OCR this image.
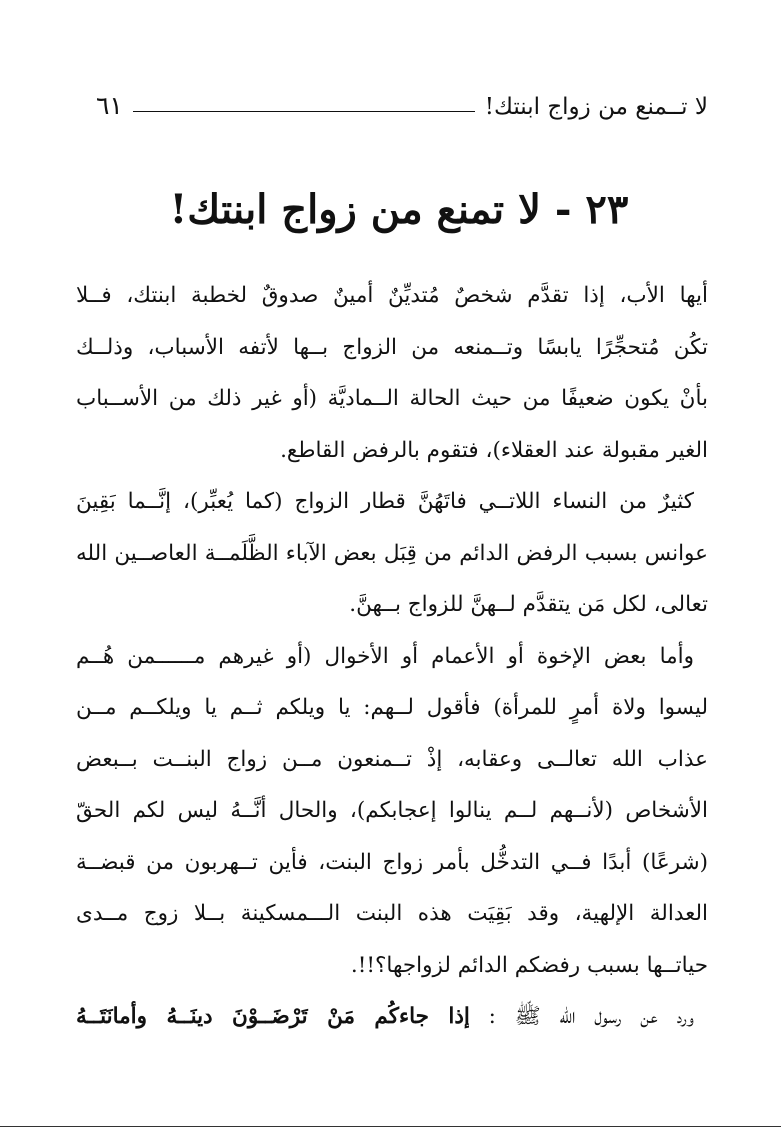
لا تــمنع من زواج ابنتك!
٦١
٢٣ - لا تمنع من زواج ابنتك!
أيها الأب، إذا تقدَّم شخصٌ مُتديِّنٌ أمينٌ صدوقٌ لخطبة ابنتك، فــلا
تكُن مُتحجِّرًا يابسًا وتــمنعه من الزواج بــها لأتفه الأسباب، وذلــك
بأنْ يكون ضعيفًا من حيث الحالة الــماديَّة (أو غير ذلك من الأســباب
الغير مقبولة عند العقلاء)، فتقوم بالرفض القاطع.
كثيرٌ من النساء اللاتــي فاتَهُنَّ قطار الزواج (كما يُعبِّر)، إنَّــما بَقِينَ
عوانس بسبب الرفض الدائم من قِبَل بعض الآباء الظَّلَمــة العاصــين الله
تعالى، لكل مَن يتقدَّم لــهنَّ للزواج بــهنَّ.
وأما بعض الإخوة أو الأعمام أو الأخوال (أو غيرهم مــــــمن هُــم
ليسوا ولاة أمرٍ للمرأة) فأقول لــهم: يا ويلكم ثــم يا ويلكــم مــن
عذاب الله تعالــى وعقابه، إذْ تــمنعون مــن زواج البنــت بــبعض
الأشخاص (لأنــهم لــم ينالوا إعجابكم)، والحال أنَّــهُ ليس لكم الحقّ
(شرعًا) أبدًا فــي التدخُّل بأمر زواج البنت، فأين تــهربون من قبضــة
العدالة الإلهية، وقد بَقِيَت هذه البنت الـــمسكينة بــلا زوج مــدى
حياتــها بسبب رفضكم الدائم لزواجها؟!!.
ورد عن رسول الله ﷺ : إذا جاءكُم مَنْ تَرْضَــوْنَ دينَــهُ وأمانَتَــهُ
